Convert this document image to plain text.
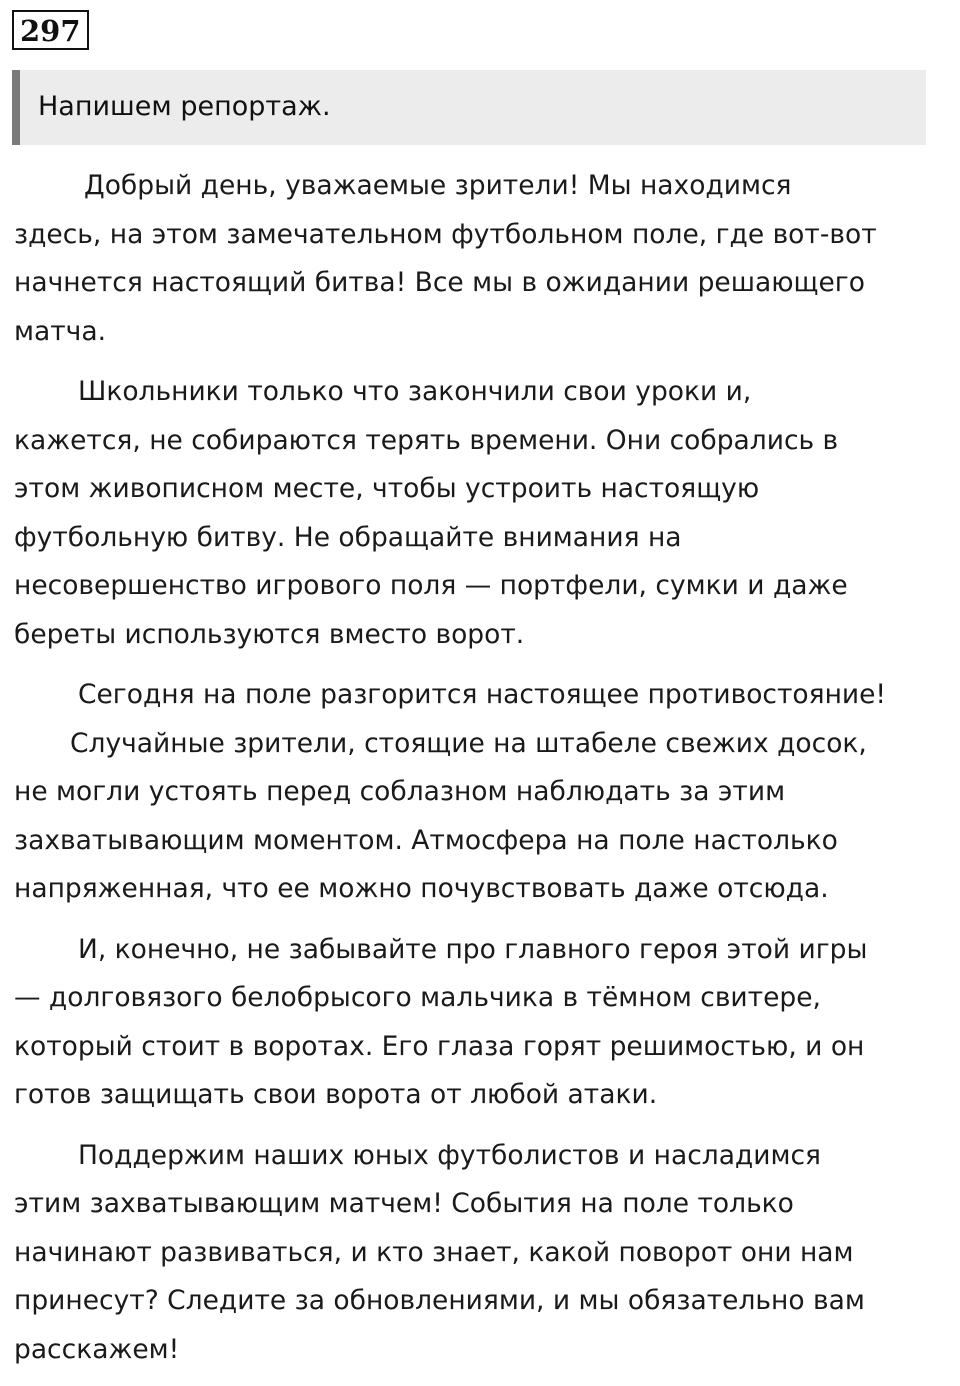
297
Напишем репортаж.
Добрый день, уважаемые зрители! Мы находимся
здесь, на этом замечательном футбольном поле, где вот-вот
начнется настоящий битва! Все мы в ожидании решающего
матча.
Школьники только что закончили свои уроки и,
кажется, не собираются терять времени. Они собрались в
этом живописном месте, чтобы устроить настоящую
футбольную битву. Не обращайте внимания на
несовершенство игрового поля — портфели, сумки и даже
береты используются вместо ворот.
Сегодня на поле разгорится настоящее противостояние!
Случайные зрители, стоящие на штабеле свежих досок,
не могли устоять перед соблазном наблюдать за этим
захватывающим моментом. Атмосфера на поле настолько
напряженная, что ее можно почувствовать даже отсюда.
И, конечно, не забывайте про главного героя этой игры
— долговязого белобрысого мальчика в тёмном свитере,
который стоит в воротах. Его глаза горят решимостью, и он
готов защищать свои ворота от любой атаки.
Поддержим наших юных футболистов и насладимся
этим захватывающим матчем! События на поле только
начинают развиваться, и кто знает, какой поворот они нам
принесут? Следите за обновлениями, и мы обязательно вам
расскажем!
